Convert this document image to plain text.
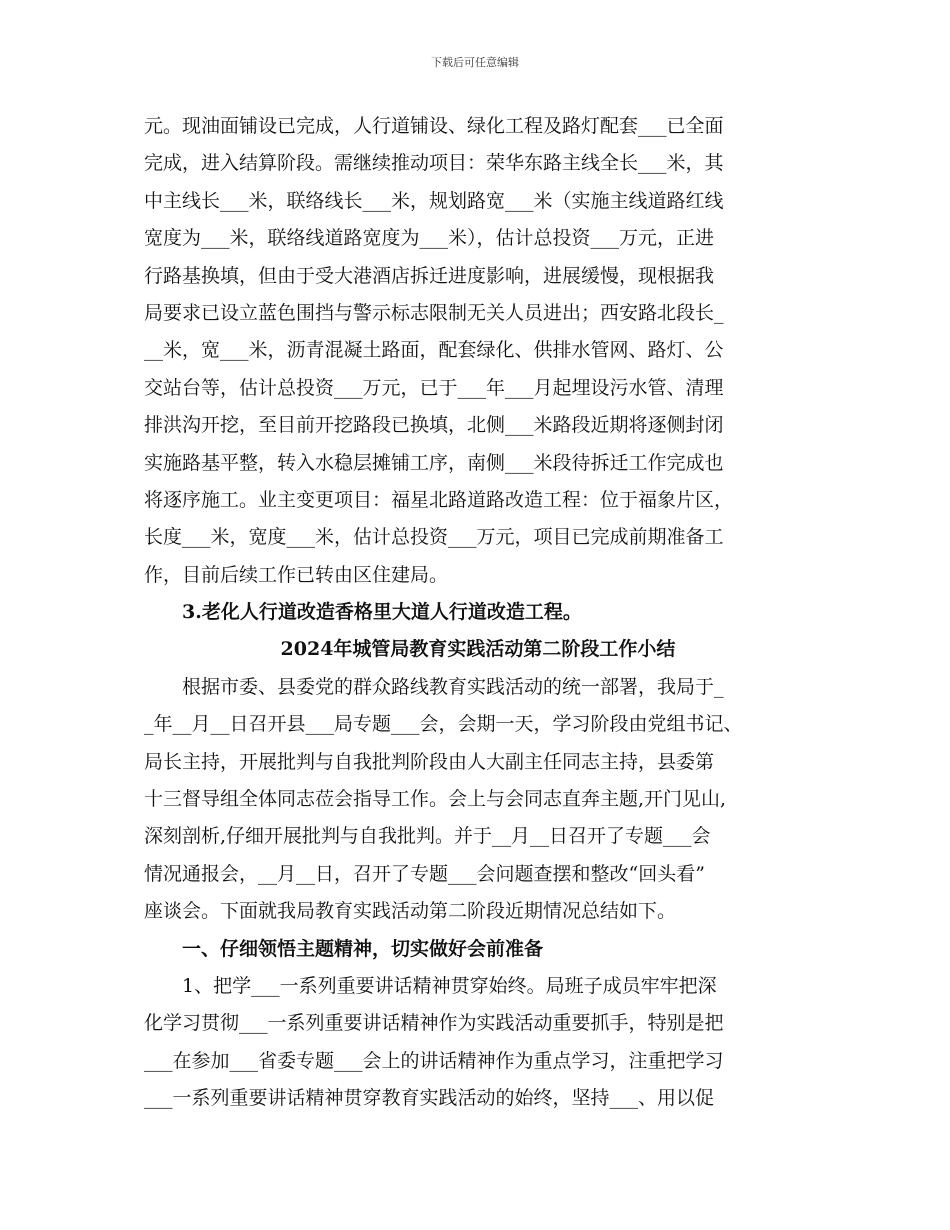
下载后可任意编辑
元。现油面铺设已完成，人行道铺设、绿化工程及路灯配套___已全面
完成，进入结算阶段。需继续推动项目：荣华东路主线全长___米，其
中主线长___米，联络线长___米，规划路宽___米（实施主线道路红线
宽度为___米，联络线道路宽度为___米），估计总投资___万元，正进
行路基换填，但由于受大港酒店拆迁进度影响，进展缓慢，现根据我
局要求已设立蓝色围挡与警示标志限制无关人员进出；西安路北段长_
__米，宽___米，沥青混凝土路面，配套绿化、供排水管网、路灯、公
交站台等，估计总投资___万元，已于___年___月起埋设污水管、清理
排洪沟开挖，至目前开挖路段已换填，北侧___米路段近期将逐侧封闭
实施路基平整，转入水稳层摊铺工序，南侧___米段待拆迁工作完成也
将逐序施工。业主变更项目：福星北路道路改造工程：位于福象片区，
长度___米，宽度___米，估计总投资___万元，项目已完成前期准备工
作，目前后续工作已转由区住建局。
3.老化人行道改造香格里大道人行道改造工程。
2024年城管局教育实践活动第二阶段工作小结
根据市委、县委党的群众路线教育实践活动的统一部署，我局于_
_年__月__日召开县___局专题___会，会期一天，学习阶段由党组书记、
局长主持，开展批判与自我批判阶段由人大副主任同志主持，县委第
十三督导组全体同志莅会指导工作。会上与会同志直奔主题,开门见山,
深刻剖析,仔细开展批判与自我批判。并于__月__日召开了专题___会
情况通报会，__月__日，召开了专题___会问题查摆和整改“回头看”
座谈会。下面就我局教育实践活动第二阶段近期情况总结如下。
一、仔细领悟主题精神，切实做好会前准备
1、把学___一系列重要讲话精神贯穿始终。局班子成员牢牢把深
化学习贯彻___一系列重要讲话精神作为实践活动重要抓手，特别是把
___在参加___省委专题___会上的讲话精神作为重点学习，注重把学习
___一系列重要讲话精神贯穿教育实践活动的始终，坚持___、用以促
